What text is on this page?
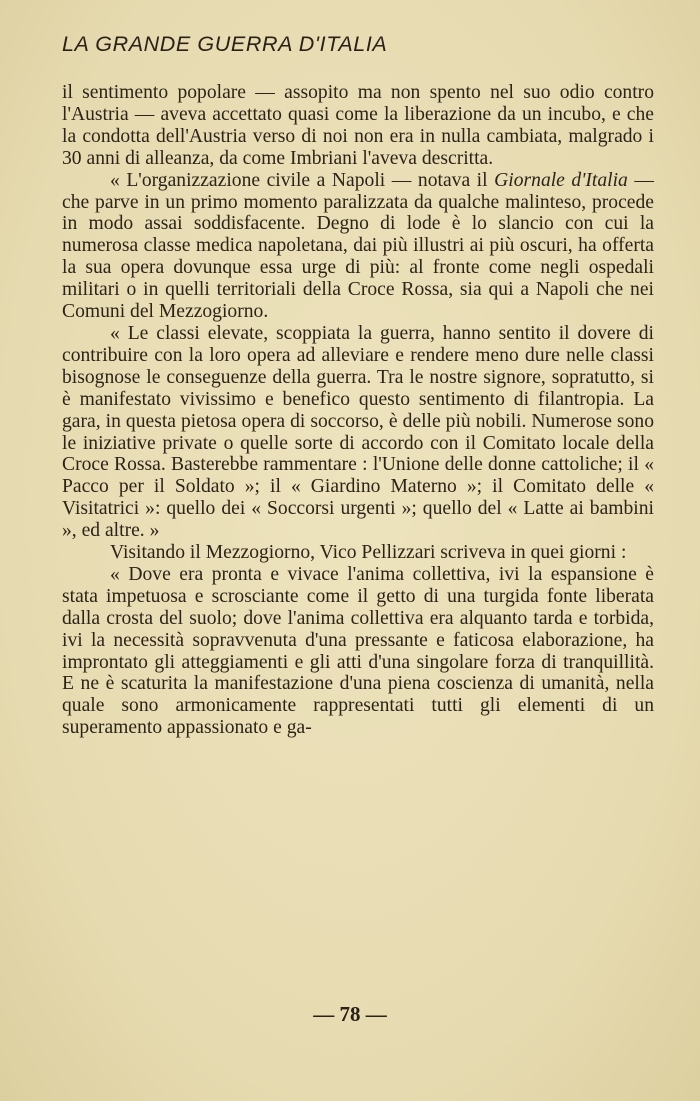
LA GRANDE GUERRA D'ITALIA

il sentimento popolare — assopito ma non spento nel suo odio contro l'Austria — aveva accettato quasi come la liberazione da un incubo, e che la condotta dell'Austria verso di noi non era in nulla cambiata, malgrado i 30 anni di alleanza, da come Imbriani l'aveva descritta.

« L'organizzazione civile a Napoli — notava il Giornale d'Italia — che parve in un primo momento paralizzata da qualche malinteso, procede in modo assai soddisfacente. Degno di lode è lo slancio con cui la numerosa classe medica napoletana, dai più illustri ai più oscuri, ha offerta la sua opera dovunque essa urge di più: al fronte come negli ospedali militari o in quelli territoriali della Croce Rossa, sia qui a Napoli che nei Comuni del Mezzogiorno.

« Le classi elevate, scoppiata la guerra, hanno sentito il dovere di contribuire con la loro opera ad alleviare e rendere meno dure nelle classi bisognose le conseguenze della guerra. Tra le nostre signore, sopratutto, si è manifestato vivissimo e benefico questo sentimento di filantropia. La gara, in questa pietosa opera di soccorso, è delle più nobili. Numerose sono le iniziative private o quelle sorte di accordo con il Comitato locale della Croce Rossa. Basterebbe rammentare : l'Unione delle donne cattoliche; il « Pacco per il Soldato »; il « Giardino Materno »; il Comitato delle « Visitatrici »: quello dei « Soccorsi urgenti »; quello del « Latte ai bambini », ed altre. »

Visitando il Mezzogiorno, Vico Pellizzari scriveva in quei giorni :

« Dove era pronta e vivace l'anima collettiva, ivi la espansione è stata impetuosa e scrosciante come il getto di una turgida fonte liberata dalla crosta del suolo; dove l'anima collettiva era alquanto tarda e torbida, ivi la necessità sopravvenuta d'una pressante e faticosa elaborazione, ha improntato gli atteggiamenti e gli atti d'una singolare forza di tranquillità. E ne è scaturita la manifestazione d'una piena coscienza di umanità, nella quale sono armonicamente rappresentati tutti gli elementi di un superamento appassionato e ga-

— 78 —
